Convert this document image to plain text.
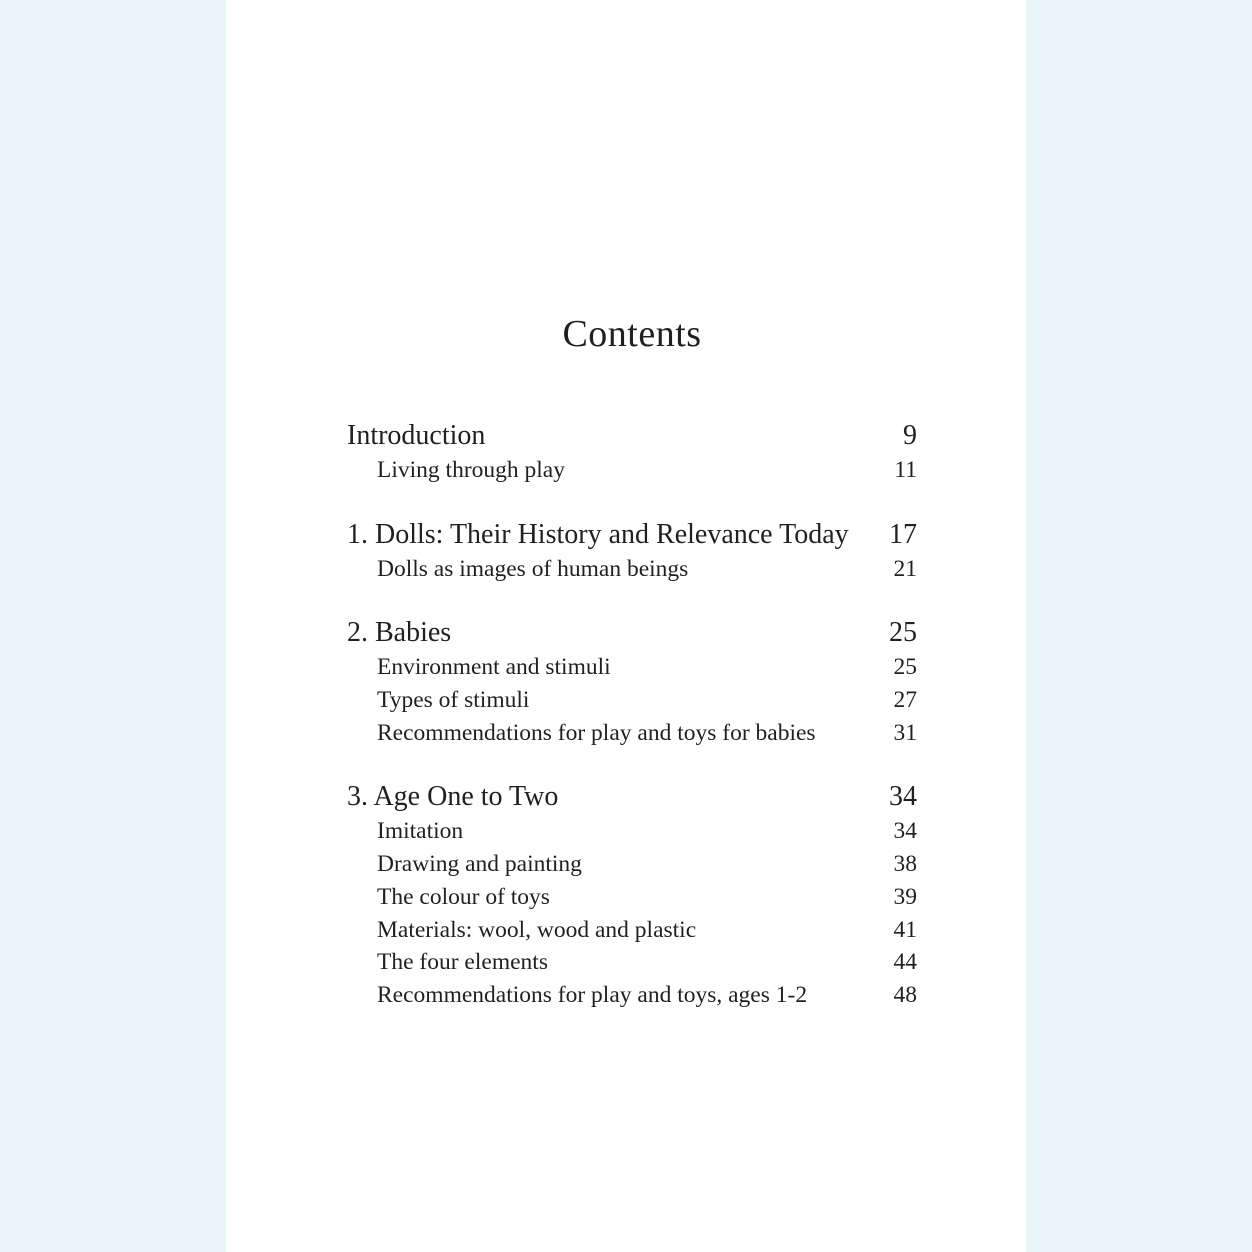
Contents
Introduction	9
Living through play	11
1. Dolls: Their History and Relevance Today 17
Dolls as images of human beings	21
2. Babies	25
Environment and stimuli	25
Types of stimuli	27
Recommendations for play and toys for babies	31
3. Age One to Two	34
Imitation	34
Drawing and painting	38
The colour of toys	39
Materials: wool, wood and plastic	41
The four elements	44
Recommendations for play and toys, ages 1-2	48
